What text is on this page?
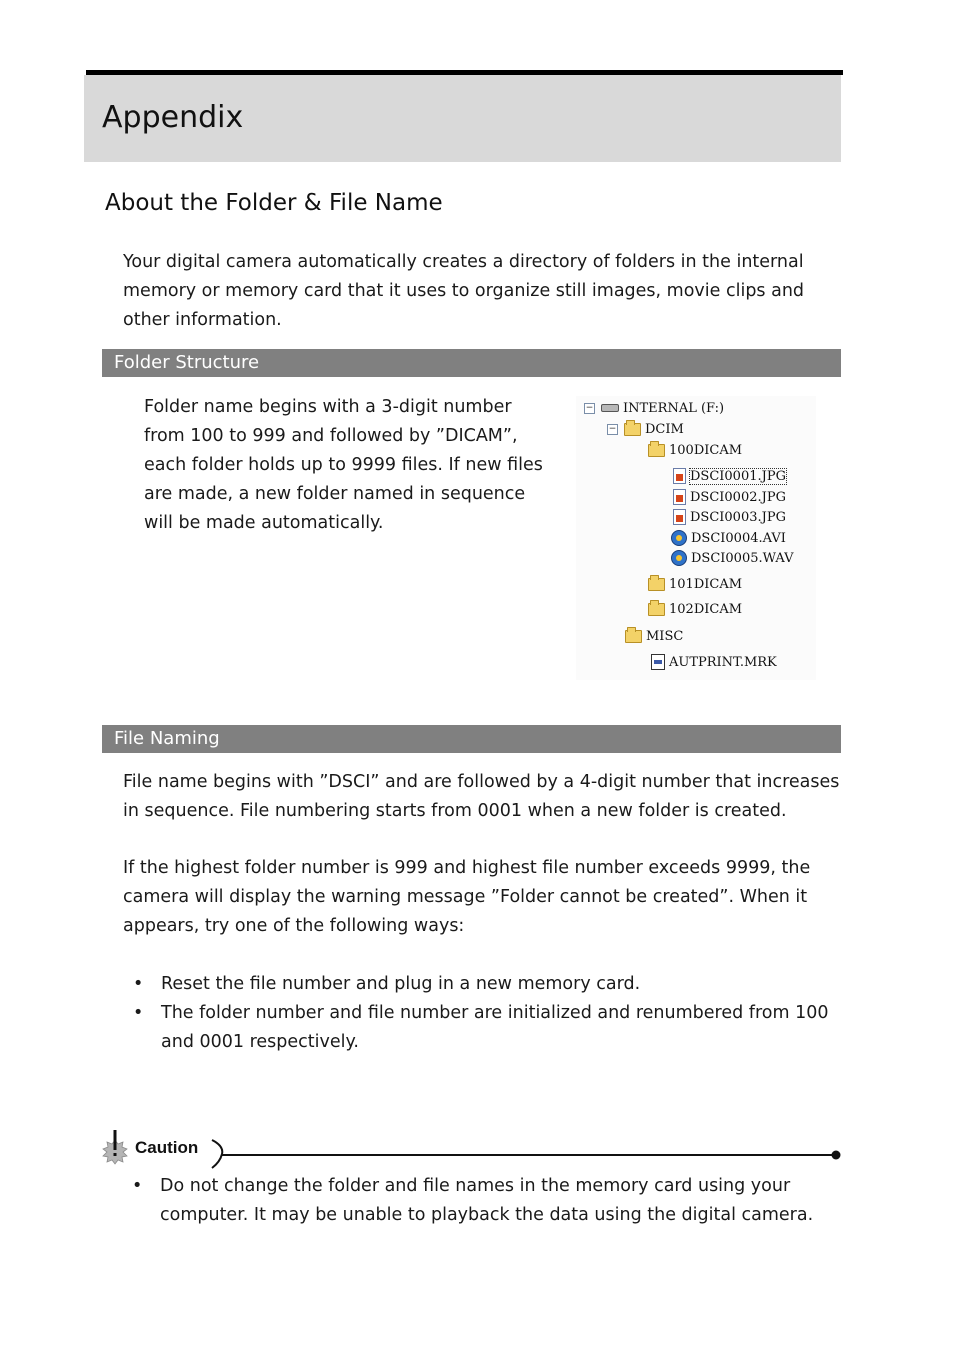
Appendix
About the Folder & File Name

Your digital camera automatically creates a directory of folders in the internal memory or memory card that it uses to organize still images, movie clips and other information.

Folder Structure

Folder name begins with a 3-digit number from 100 to 999 and followed by ”DICAM”, each folder holds up to 9999 files. If new files are made, a new folder named in sequence will be made automatically.

− INTERNAL (F:)
− DCIM
100DICAM
DSCI0001.JPG
DSCI0002.JPG
DSCI0003.JPG
DSCI0004.AVI
DSCI0005.WAV
101DICAM
102DICAM
MISC
AUTPRINT.MRK
File Naming

File name begins with ”DSCI” and are followed by a 4-digit number that increases in sequence. File numbering starts from 0001 when a new folder is created.

If the highest folder number is 999 and highest file number exceeds 9999, the camera will display the warning message ”Folder cannot be created”. When it appears, try one of the following ways:

• Reset the file number and plug in a new memory card.
• The folder number and file number are initialized and renumbered from 100 and 0001 respectively.
Caution
• Do not change the folder and file names in the memory card using your computer. It may be unable to playback the data using the digital camera.
